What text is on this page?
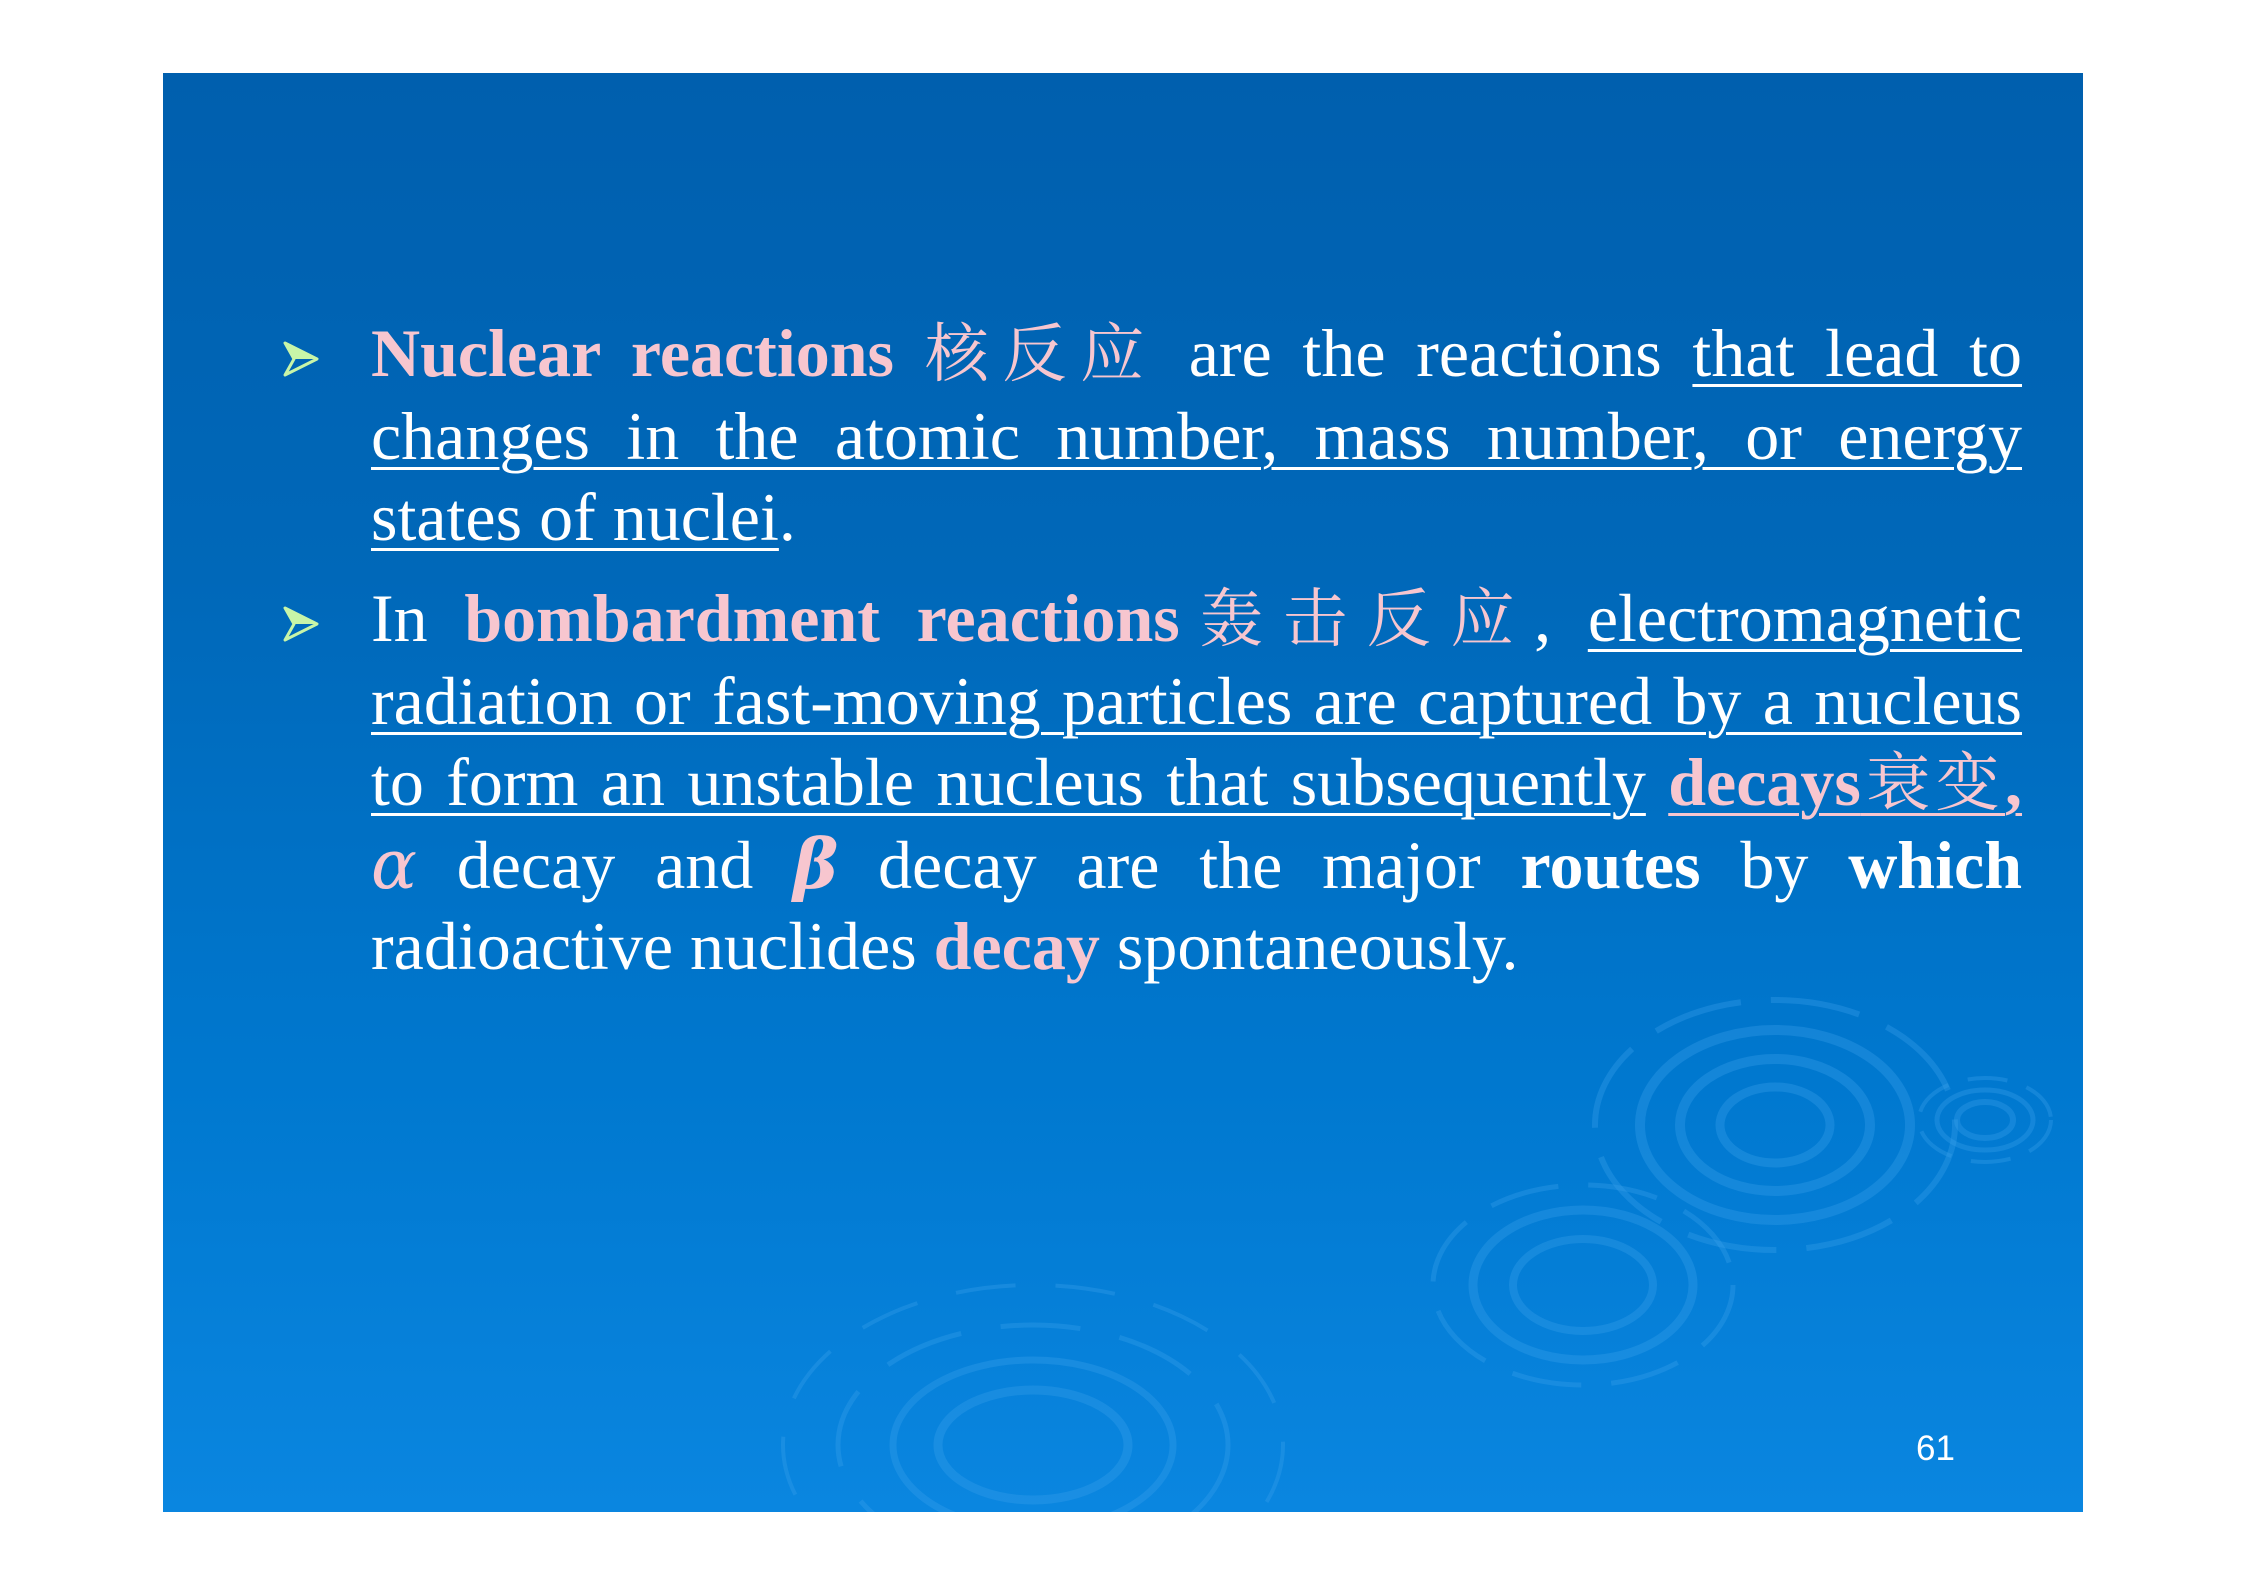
Nuclear reactions 核反应 are the reactions that lead to changes in the atomic number, mass number, or energy states of nuclei.
In bombardment reactions轰击反应, electromagnetic radiation or fast-moving particles are captured by a nucleus to form an unstable nucleus that subsequently decays衰变, α decay and β decay are the major routes by which radioactive nuclides decay spontaneously.
61
